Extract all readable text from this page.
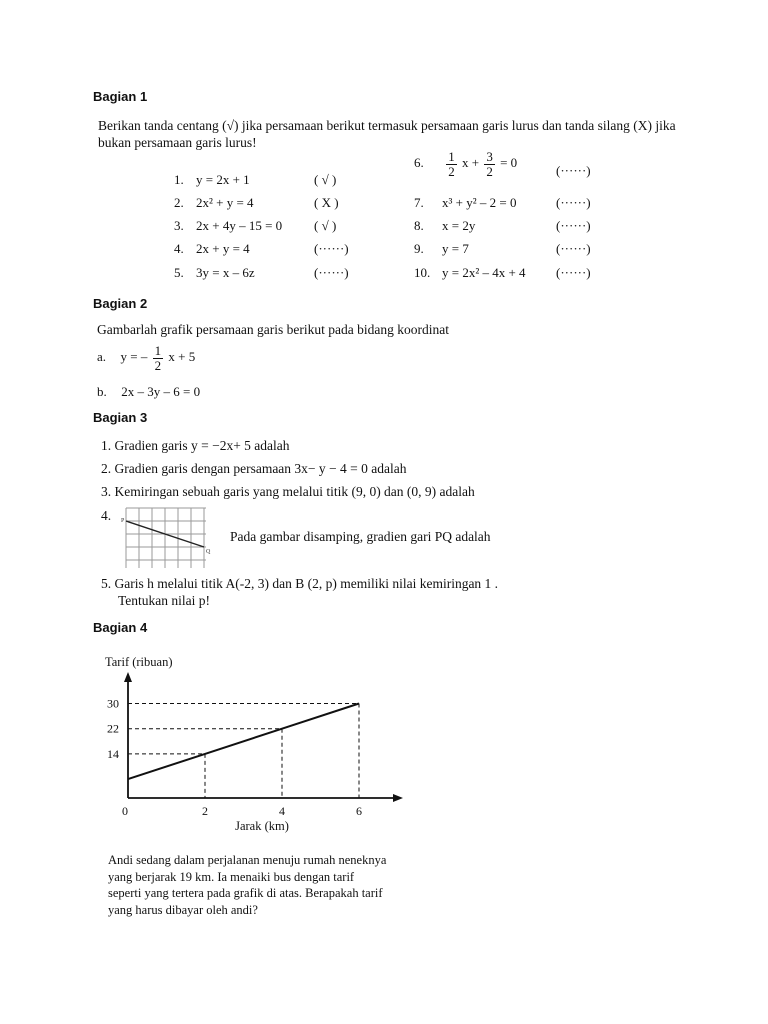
Bagian 1
Berikan tanda centang (√) jika persamaan berikut termasuk persamaan garis lurus dan tanda silang (X) jika
bukan persamaan garis lurus!
1. y = 2x + 1	( √ )
2. 2x² + y = 4	( X )
3. 2x + 4y – 15 = 0 ( √ )
4. 2x + y = 4	(······)
5. 3y = x – 6z	(······)
6. $\frac{1}{2}$ $x + \frac{3}{2} = 0$
(······)
7. x³ + y² – 2 = 0	(······)
8. x = 2y	(······)
9. y = 7	(······)
10. y = 2x² – 4x + 4 (······)
Bagian 2
Gambarlah grafik persamaan garis berikut pada bidang koordinat
a. y = – $\frac{1}{2}$ x + 5
b. 2x – 3y – 6 = 0
Bagian 3
1. Gradien garis y = −2x+ 5 adalah
2. Gradien garis dengan persamaan 3x− y − 4 = 0 adalah
3. Kemiringan sebuah garis yang melalui titik (9, 0) dan (0, 9) adalah
4. P
Q
Pada gambar disamping, gradien gari PQ adalah
5. Garis h melalui titik A(-2, 3) dan B (2, p) memiliki nilai kemiringan 1 .
Tentukan nilai p!
Bagian 4
Tarif (ribuan)
Jarak (km)
0	2	4	6
14
22
30
Andi sedang dalam perjalanan menuju rumah neneknya
yang berjarak 19 km. Ia menaiki bus dengan tarif
seperti yang tertera pada grafik di atas. Berapakah tarif
yang harus dibayar oleh andi?
